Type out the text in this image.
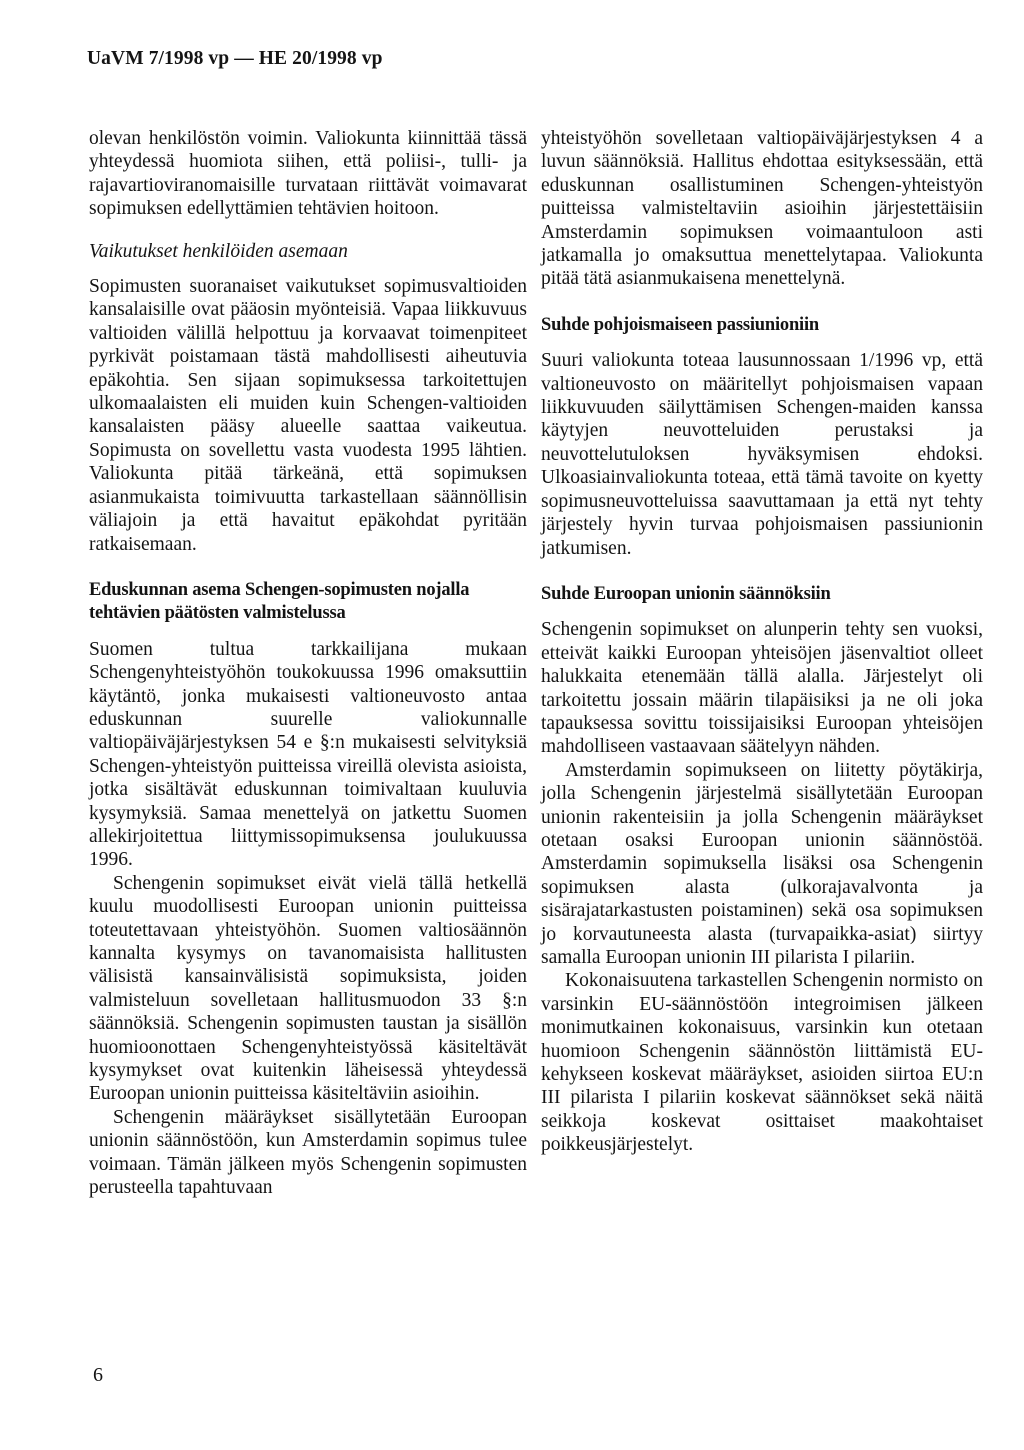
UaVM 7/1998 vp — HE 20/1998 vp

olevan henkilöstön voimin. Valiokunta kiinnittää tässä yhteydessä huomiota siihen, että poliisi-, tulli- ja rajavartioviranomaisille turvataan riittävät voimavarat sopimuksen edellyttämien tehtävien hoitoon.

Vaikutukset henkilöiden asemaan

Sopimusten suoranaiset vaikutukset sopimusvaltioiden kansalaisille ovat pääosin myönteisiä. Vapaa liikkuvuus valtioiden välillä helpottuu ja korvaavat toimenpiteet pyrkivät poistamaan tästä mahdollisesti aiheutuvia epäkohtia. Sen sijaan sopimuksessa tarkoitettujen ulkomaalaisten eli muiden kuin Schengen-valtioiden kansalaisten pääsy alueelle saattaa vaikeutua. Sopimusta on sovellettu vasta vuodesta 1995 lähtien. Valiokunta pitää tärkeänä, että sopimuksen asianmukaista toimivuutta tarkastellaan säännöllisin väliajoin ja että havaitut epäkohdat pyritään ratkaisemaan.

Eduskunnan asema Schengen-sopimusten nojalla tehtävien päätösten valmistelussa

Suomen tultua tarkkailijana mukaan Schengenyhteistyöhön toukokuussa 1996 omaksuttiin käytäntö, jonka mukaisesti valtioneuvosto antaa eduskunnan suurelle valiokunnalle valtiopäiväjärjestyksen 54 e §:n mukaisesti selvityksiä Schengen-yhteistyön puitteissa vireillä olevista asioista, jotka sisältävät eduskunnan toimivaltaan kuuluvia kysymyksiä. Samaa menettelyä on jatkettu Suomen allekirjoitettua liittymissopimuksensa joulukuussa 1996.

Schengenin sopimukset eivät vielä tällä hetkellä kuulu muodollisesti Euroopan unionin puitteissa toteutettavaan yhteistyöhön. Suomen valtiosäännön kannalta kysymys on tavanomaisista hallitusten välisistä kansainvälisistä sopimuksista, joiden valmisteluun sovelletaan hallitusmuodon 33 §:n säännöksiä. Schengenin sopimusten taustan ja sisällön huomioonottaen Schengenyhteistyössä käsiteltävät kysymykset ovat kuitenkin läheisessä yhteydessä Euroopan unionin puitteissa käsiteltäviin asioihin.

Schengenin määräykset sisällytetään Euroopan unionin säännöstöön, kun Amsterdamin sopimus tulee voimaan. Tämän jälkeen myös Schengenin sopimusten perusteella tapahtuvaan

yhteistyöhön sovelletaan valtiopäiväjärjestyksen 4 a luvun säännöksiä. Hallitus ehdottaa esityksessään, että eduskunnan osallistuminen Schengen-yhteistyön puitteissa valmisteltaviin asioihin järjestettäisiin Amsterdamin sopimuksen voimaantuloon asti jatkamalla jo omaksuttua menettelytapaa. Valiokunta pitää tätä asianmukaisena menettelynä.

Suhde pohjoismaiseen passiunioniin

Suuri valiokunta toteaa lausunnossaan 1/1996 vp, että valtioneuvosto on määritellyt pohjoismaisen vapaan liikkuvuuden säilyttämisen Schengen-maiden kanssa käytyjen neuvotteluiden perustaksi ja neuvottelutuloksen hyväksymisen ehdoksi. Ulkoasiainvaliokunta toteaa, että tämä tavoite on kyetty sopimusneuvotteluissa saavuttamaan ja että nyt tehty järjestely hyvin turvaa pohjoismaisen passiunionin jatkumisen.

Suhde Euroopan unionin säännöksiin

Schengenin sopimukset on alunperin tehty sen vuoksi, etteivät kaikki Euroopan yhteisöjen jäsenvaltiot olleet halukkaita etenemään tällä alalla. Järjestelyt oli tarkoitettu jossain määrin tilapäisiksi ja ne oli joka tapauksessa sovittu toissijaisiksi Euroopan yhteisöjen mahdolliseen vastaavaan säätelyyn nähden.

Amsterdamin sopimukseen on liitetty pöytäkirja, jolla Schengenin järjestelmä sisällytetään Euroopan unionin rakenteisiin ja jolla Schengenin määräykset otetaan osaksi Euroopan unionin säännöstöä. Amsterdamin sopimuksella lisäksi osa Schengenin sopimuksen alasta (ulkorajavalvonta ja sisärajatarkastusten poistaminen) sekä osa sopimuksen jo korvautuneesta alasta (turvapaikka-asiat) siirtyy samalla Euroopan unionin III pilarista I pilariin.

Kokonaisuutena tarkastellen Schengenin normisto on varsinkin EU-säännöstöön integroimisen jälkeen monimutkainen kokonaisuus, varsinkin kun otetaan huomioon Schengenin säännöstön liittämistä EU-kehykseen koskevat määräykset, asioiden siirtoa EU:n III pilarista I pilariin koskevat säännökset sekä näitä seikkoja koskevat osittaiset maakohtaiset poikkeusjärjestelyt.

6
